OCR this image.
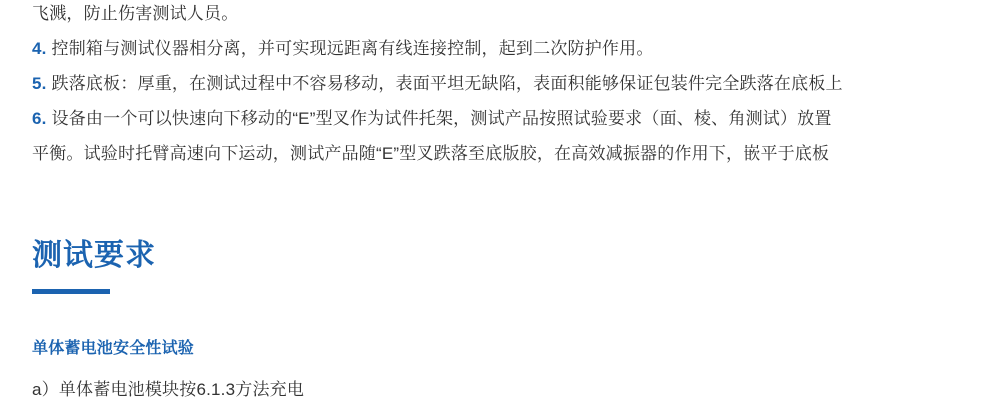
飞溅，防止伤害测试人员。
4. 控制箱与测试仪器相分离，并可实现远距离有线连接控制，起到二次防护作用。
5. 跌落底板：厚重，在测试过程中不容易移动，表面平坦无缺陷，表面积能够保证包装件完全跌落在底板上
6. 设备由一个可以快速向下移动的“E”型叉作为试件托架，测试产品按照试验要求（面、棱、角测试）放置
平衡。试验时托臂高速向下运动，测试产品随“E”型叉跌落至底版胶，在高效减振器的作用下，嵌平于底板
测试要求
单体蓄电池安全性试验
a）单体蓄电池模块按6.1.3方法充电
